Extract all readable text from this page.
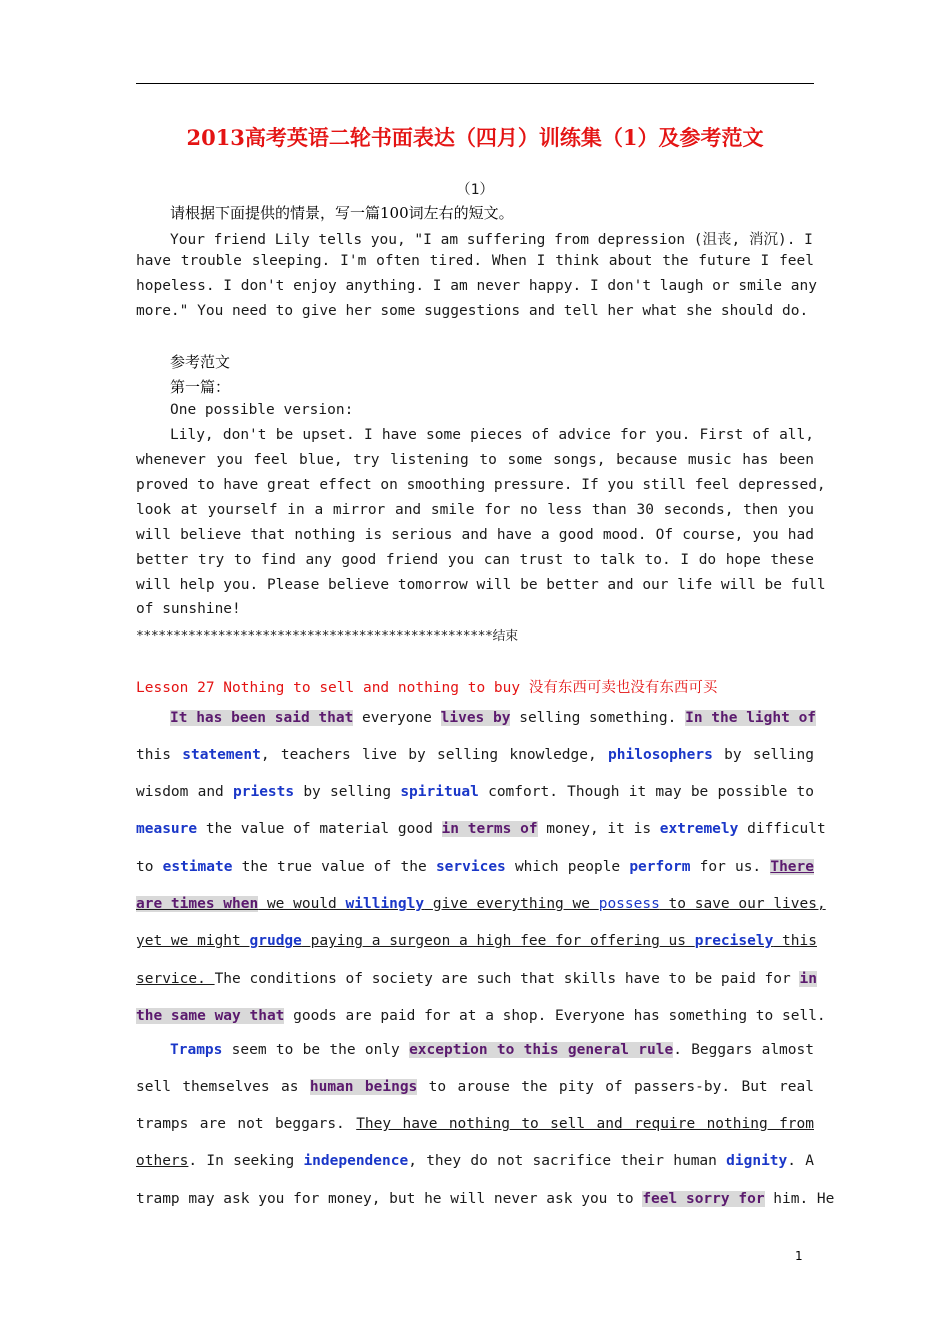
2013高考英语二轮书面表达（四月）训练集（1）及参考范文
（1）
请根据下面提供的情景，写一篇100词左右的短文。
Your friend Lily tells you, "I am suffering from depression (沮丧, 消沉). I
have trouble sleeping. I'm often tired. When I think about the future I feel
hopeless. I don't enjoy anything. I am never happy. I don't laugh or smile any
more." You need to give her some suggestions and tell her what she should do.
参考范文
第一篇：
One possible version:
Lily, don't be upset. I have some pieces of advice for you. First of all,
whenever you feel blue, try listening to some songs, because music has been
proved to have great effect on smoothing pressure. If you still feel depressed,
look at yourself in a mirror and smile for no less than 30 seconds, then you
will believe that nothing is serious and have a good mood. Of course, you had
better try to find any good friend you can trust to talk to. I do hope these
will help you. Please believe tomorrow will be better and our life will be full
of sunshine!
************************************************结束
Lesson 27 Nothing to sell and nothing to buy 没有东西可卖也没有东西可买
It has been said that everyone lives by selling something. In the light of
this statement, teachers live by selling knowledge, philosophers by selling
wisdom and priests by selling spiritual comfort. Though it may be possible to
measure the value of material good in terms of money, it is extremely difficult
to estimate the true value of the services which people perform for us. There
are times when we would willingly give everything we possess to save our lives,
yet we might grudge paying a surgeon a high fee for offering us precisely this
service. The conditions of society are such that skills have to be paid for in
the same way that goods are paid for at a shop. Everyone has something to sell.
Tramps seem to be the only exception to this general rule. Beggars almost
sell themselves as human beings to arouse the pity of passers-by. But real
tramps are not beggars. They have nothing to sell and require nothing from
others. In seeking independence, they do not sacrifice their human dignity. A
tramp may ask you for money, but he will never ask you to feel sorry for him. He
1
